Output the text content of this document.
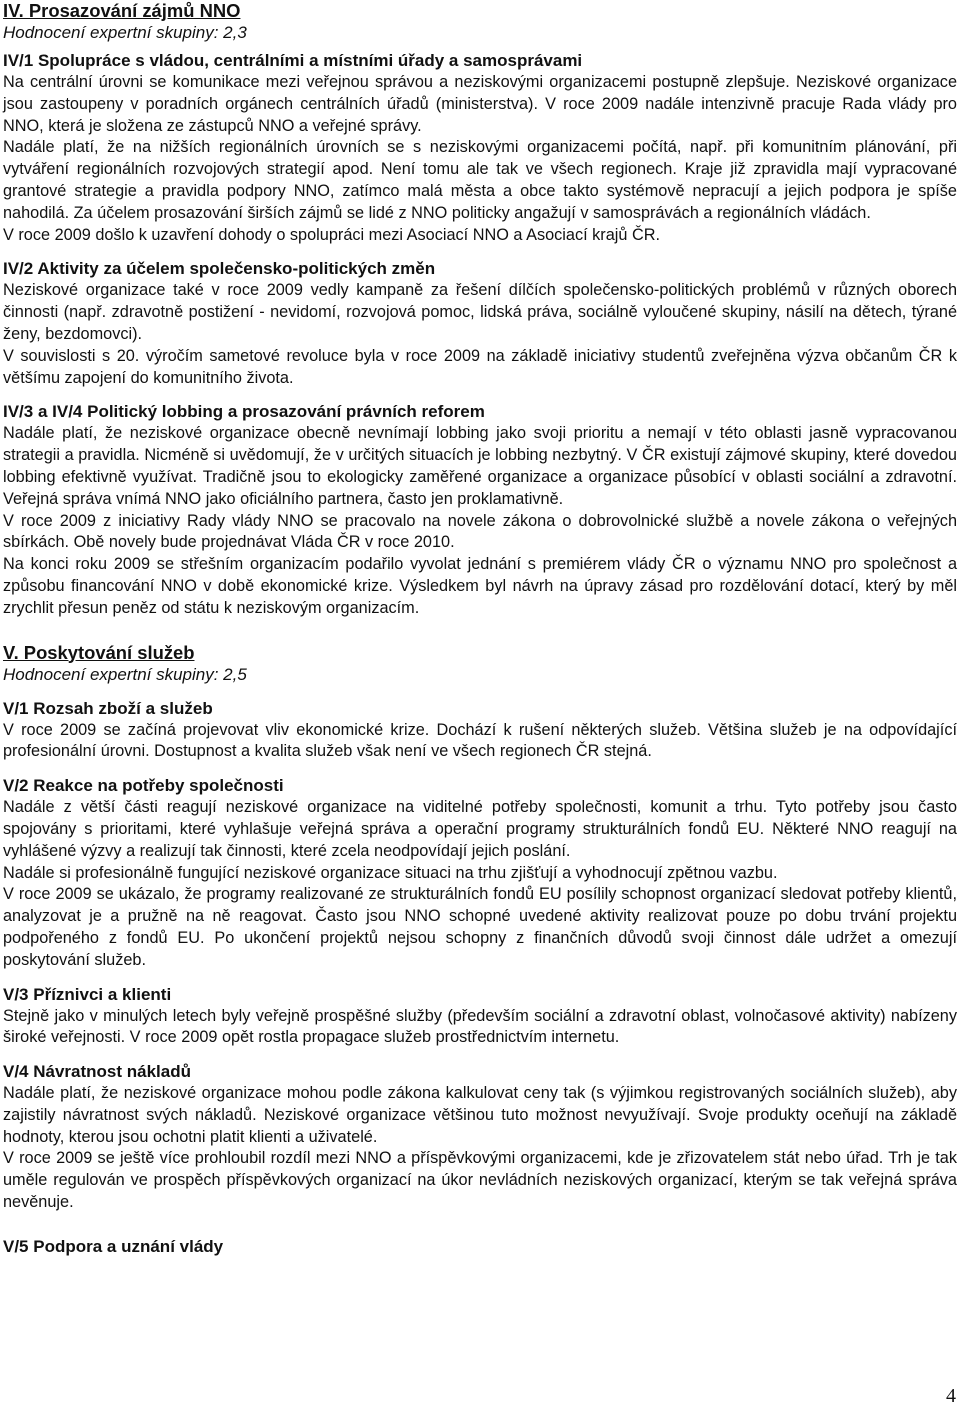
IV. Prosazování zájmů NNO
Hodnocení expertní skupiny: 2,3
IV/1 Spolupráce s vládou, centrálními a místními úřady a samosprávami

Na centrální úrovni se komunikace mezi veřejnou správou a neziskovými organizacemi postupně zlepšuje. Neziskové organizace jsou zastoupeny v poradních orgánech centrálních úřadů (ministerstva). V roce 2009 nadále intenzivně pracuje Rada vlády pro NNO, která je složena ze zástupců NNO a veřejné správy.

Nadále platí, že na nižších regionálních úrovních se s neziskovými organizacemi počítá, např. při komunitním plánování, při vytváření regionálních rozvojových strategií apod. Není tomu ale tak ve všech regionech. Kraje již zpravidla mají vypracované grantové strategie a pravidla podpory NNO, zatímco malá města a obce takto systémově nepracují a jejich podpora je spíše nahodilá. Za účelem prosazování širších zájmů se lidé z NNO politicky angažují v samosprávách a regionálních vládách.

V roce 2009 došlo k uzavření dohody o spolupráci mezi Asociací NNO a Asociací krajů ČR.

IV/2 Aktivity za účelem společensko-politických změn

Neziskové organizace také v roce 2009 vedly kampaně za řešení dílčích společensko-politických problémů v různých oborech činnosti (např. zdravotně postižení - nevidomí, rozvojová pomoc, lidská práva, sociálně vyloučené skupiny, násilí na dětech, týrané ženy, bezdomovci).

V souvislosti s 20. výročím sametové revoluce byla v roce 2009 na základě iniciativy studentů zveřejněna výzva občanům ČR k většímu zapojení do komunitního života.

IV/3 a IV/4 Politický lobbing a prosazování právních reforem

Nadále platí, že neziskové organizace obecně nevnímají lobbing jako svoji prioritu a nemají v této oblasti jasně vypracovanou strategii a pravidla. Nicméně si uvědomují, že v určitých situacích je lobbing nezbytný. V ČR existují zájmové skupiny, které dovedou lobbing efektivně využívat. Tradičně jsou to ekologicky zaměřené organizace a organizace působící v oblasti sociální a zdravotní. Veřejná správa vnímá NNO jako oficiálního partnera, často jen proklamativně.

V roce 2009 z iniciativy Rady vlády NNO se pracovalo na novele zákona o dobrovolnické službě a novele zákona o veřejných sbírkách. Obě novely bude projednávat Vláda ČR v roce 2010.

Na konci roku 2009 se střešním organizacím podařilo vyvolat jednání s premiérem vlády ČR o významu NNO pro společnost a způsobu financování NNO v době ekonomické krize. Výsledkem byl návrh na úpravy zásad pro rozdělování dotací, který by měl zrychlit přesun peněz od státu k neziskovým organizacím.

V. Poskytování služeb
Hodnocení expertní skupiny: 2,5
V/1 Rozsah zboží a služeb

V roce 2009 se začíná projevovat vliv ekonomické krize. Dochází k rušení některých služeb. Většina služeb je na odpovídající profesionální úrovni. Dostupnost a kvalita služeb však není ve všech regionech ČR stejná.

V/2 Reakce na potřeby společnosti

Nadále z větší části reagují neziskové organizace na viditelné potřeby společnosti, komunit a trhu. Tyto potřeby jsou často spojovány s prioritami, které vyhlašuje veřejná správa a operační programy strukturálních fondů EU. Některé NNO reagují na vyhlášené výzvy a realizují tak činnosti, které zcela neodpovídají jejich poslání.

Nadále si profesionálně fungující neziskové organizace situaci na trhu zjišťují a vyhodnocují zpětnou vazbu.

V roce 2009 se ukázalo, že programy realizované ze strukturálních fondů EU posílily schopnost organizací sledovat potřeby klientů, analyzovat je a pružně na ně reagovat. Často jsou NNO schopné uvedené aktivity realizovat pouze po dobu trvání projektu podpořeného z fondů EU. Po ukončení projektů nejsou schopny z finančních důvodů svoji činnost dále udržet a omezují poskytování služeb.

V/3 Příznivci a klienti

Stejně jako v minulých letech byly veřejně prospěšné služby (především sociální a zdravotní oblast, volnočasové aktivity) nabízeny široké veřejnosti. V roce 2009 opět rostla propagace služeb prostřednictvím internetu.

V/4 Návratnost nákladů

Nadále platí, že neziskové organizace mohou podle zákona kalkulovat ceny tak (s výjimkou registrovaných sociálních služeb), aby zajistily návratnost svých nákladů. Neziskové organizace většinou tuto možnost nevyužívají. Svoje produkty oceňují na základě hodnoty, kterou jsou ochotni platit klienti a uživatelé.

V roce 2009 se ještě více prohloubil rozdíl mezi NNO a příspěvkovými organizacemi, kde je zřizovatelem stát nebo úřad. Trh je tak uměle regulován ve prospěch příspěvkových organizací na úkor nevládních neziskových organizací, kterým se tak veřejná správa nevěnuje.

V/5 Podpora a uznání vlády
4
